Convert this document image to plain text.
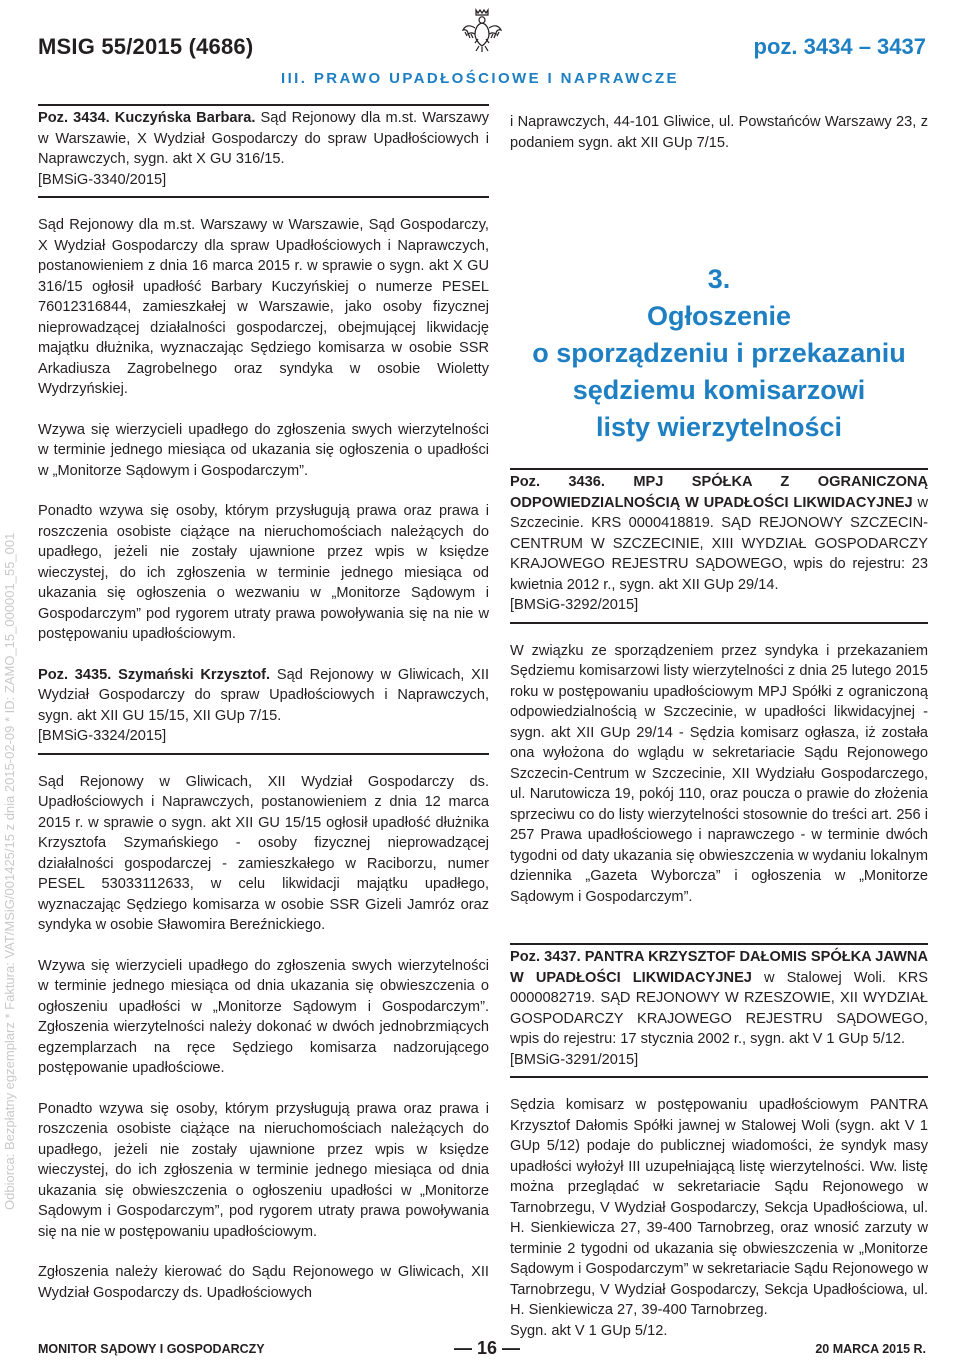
MSIG 55/2015 (4686)	poz. 3434 – 3437
III. PRAWO UPADŁOŚCIOWE I NAPRAWCZE
Odbiorca: Bezpłatny egzemplarz * Faktura: VAT/MSiG/001425/15 z dnia 2015-02-09 * ID: ZAMO_15_000001_55_001

Poz. 3434. Kuczyńska Barbara. Sąd Rejonowy dla m.st. Warszawy w Warszawie, X Wydział Gospodarczy do spraw Upadłościowych i Naprawczych, sygn. akt X GU 316/15.

[BMSiG-3340/2015]

Sąd Rejonowy dla m.st. Warszawy w Warszawie, Sąd Gospodarczy, X Wydział Gospodarczy dla spraw Upadłościowych i Naprawczych, postanowieniem z dnia 16 marca 2015 r. w sprawie o sygn. akt X GU 316/15 ogłosił upadłość Barbary Kuczyńskiej o numerze PESEL 76012316844, zamieszkałej w Warszawie, jako osoby fizycznej nieprowadzącej działalności gospodarczej, obejmującej likwidację majątku dłużnika, wyznaczając Sędziego komisarza w osobie SSR Arkadiusza Zagrobelnego oraz syndyka w osobie Wioletty Wydrzyńskiej.

Wzywa się wierzycieli upadłego do zgłoszenia swych wierzytelności w terminie jednego miesiąca od ukazania się ogłoszenia o upadłości w „Monitorze Sądowym i Gospodarczym”.

Ponadto wzywa się osoby, którym przysługują prawa oraz prawa i roszczenia osobiste ciążące na nieruchomościach należących do upadłego, jeżeli nie zostały ujawnione przez wpis w księdze wieczystej, do ich zgłoszenia w terminie jednego miesiąca od ukazania się ogłoszenia o wezwaniu w „Monitorze Sądowym i Gospodarczym” pod rygorem utraty prawa powoływania się na nie w postępowaniu upadłościowym.

Poz. 3435. Szymański Krzysztof. Sąd Rejonowy w Gliwicach, XII Wydział Gospodarczy do spraw Upadłościowych i Naprawczych, sygn. akt XII GU 15/15, XII GUp 7/15.

[BMSiG-3324/2015]

Sąd Rejonowy w Gliwicach, XII Wydział Gospodarczy ds. Upadłościowych i Naprawczych, postanowieniem z dnia 12 marca 2015 r. w sprawie o sygn. akt XII GU 15/15 ogłosił upadłość dłużnika Krzysztofa Szymańskiego - osoby fizycznej nieprowadzącej działalności gospodarczej - zamieszkałego w Raciborzu, numer PESEL 53033112633, w celu likwidacji majątku upadłego, wyznaczając Sędziego komisarza w osobie SSR Gizeli Jamróz oraz syndyka w osobie Sławomira Bereźnickiego.

Wzywa się wierzycieli upadłego do zgłoszenia swych wierzytelności w terminie jednego miesiąca od dnia ukazania się obwieszczenia o ogłoszeniu upadłości w „Monitorze Sądowym i Gospodarczym”. Zgłoszenia wierzytelności należy dokonać w dwóch jednobrzmiących egzemplarzach na ręce Sędziego komisarza nadzorującego postępowanie upadłościowe.

Ponadto wzywa się osoby, którym przysługują prawa oraz prawa i roszczenia osobiste ciążące na nieruchomościach należących do upadłego, jeżeli nie zostały ujawnione przez wpis w księdze wieczystej, do ich zgłoszenia w terminie jednego miesiąca od dnia ukazania się obwieszczenia o ogłoszeniu upadłości w „Monitorze Sądowym i Gospodarczym”, pod rygorem utraty prawa powoływania się na nie w postępowaniu upadłościowym.

Zgłoszenia należy kierować do Sądu Rejonowego w Gliwicach, XII Wydział Gospodarczy ds. Upadłościowych

i Naprawczych, 44-101 Gliwice, ul. Powstańców Warszawy 23, z podaniem sygn. akt XII GUp 7/15.

3.
Ogłoszenie
o sporządzeniu i przekazaniu
sędziemu komisarzowi
listy wierzytelności

Poz. 3436. MPJ SPÓŁKA Z OGRANICZONĄ ODPOWIEDZIALNOŚCIĄ W UPADŁOŚCI LIKWIDACYJNEJ w Szczecinie. KRS 0000418819. SĄD REJONOWY SZCZECIN-CENTRUM W SZCZECINIE, XIII WYDZIAŁ GOSPODARCZY KRAJOWEGO REJESTRU SĄDOWEGO, wpis do rejestru: 23 kwietnia 2012 r., sygn. akt XII GUp 29/14.

[BMSiG-3292/2015]

W związku ze sporządzeniem przez syndyka i przekazaniem Sędziemu komisarzowi listy wierzytelności z dnia 25 lutego 2015 roku w postępowaniu upadłościowym MPJ Spółki z ograniczoną odpowiedzialnością w Szczecinie, w upadłości likwidacyjnej - sygn. akt XII GUp 29/14 - Sędzia komisarz ogłasza, iż została ona wyłożona do wglądu w sekretariacie Sądu Rejonowego Szczecin-Centrum w Szczecinie, XII Wydziału Gospodarczego, ul. Narutowicza 19, pokój 110, oraz poucza o prawie do złożenia sprzeciwu co do listy wierzytelności stosownie do treści art. 256 i 257 Prawa upadłościowego i naprawczego - w terminie dwóch tygodni od daty ukazania się obwieszczenia w wydaniu lokalnym dziennika „Gazeta Wyborcza” i ogłoszenia w „Monitorze Sądowym i Gospodarczym”.

Poz. 3437. PANTRA KRZYSZTOF DAŁOMIS SPÓŁKA JAWNA W UPADŁOŚCI LIKWIDACYJNEJ w Stalowej Woli. KRS 0000082719. SĄD REJONOWY W RZESZOWIE, XII WYDZIAŁ GOSPODARCZY KRAJOWEGO REJESTRU SĄDOWEGO, wpis do rejestru: 17 stycznia 2002 r., sygn. akt V 1 GUp 5/12.

[BMSiG-3291/2015]

Sędzia komisarz w postępowaniu upadłościowym PANTRA Krzysztof Dałomis Spółki jawnej w Stalowej Woli (sygn. akt V 1 GUp 5/12) podaje do publicznej wiadomości, że syndyk masy upadłości wyłożył III uzupełniającą listę wierzytelności. Ww. listę można przeglądać w sekretariacie Sądu Rejonowego w Tarnobrzegu, V Wydział Gospodarczy, Sekcja Upadłościowa, ul. H. Sienkiewicza 27, 39-400 Tarnobrzeg, oraz wnosić zarzuty w terminie 2 tygodni od ukazania się obwieszczenia w „Monitorze Sądowym i Gospodarczym” w sekretariacie Sądu Rejonowego w Tarnobrzegu, V Wydział Gospodarczy, Sekcja Upadłościowa, ul. H. Sienkiewicza 27, 39-400 Tarnobrzeg.

Sygn. akt V 1 GUp 5/12.

MONITOR SĄDOWY I GOSPODARCZY	— 16 —	20 MARCA 2015 R.
